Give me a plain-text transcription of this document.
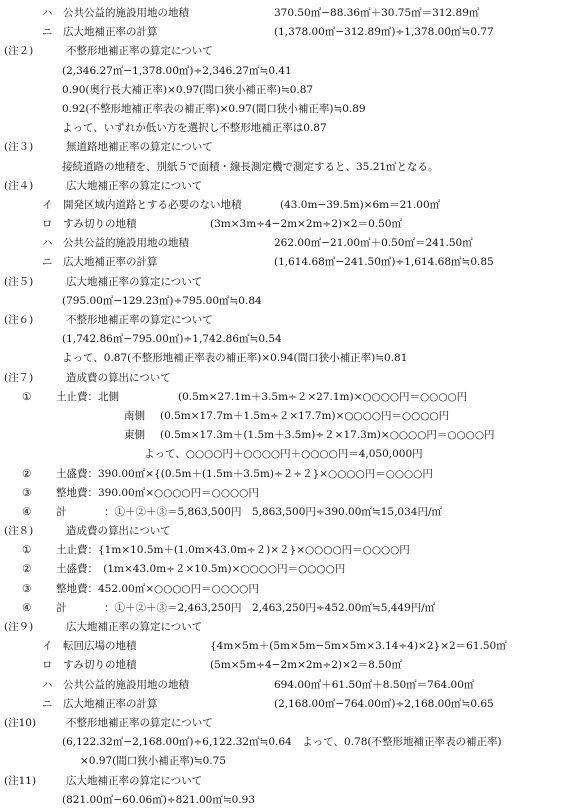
ハ　公共公益的施設用地の地積	370.50㎡−88.36㎡＋30.75㎡＝312.89㎡
ニ　広大地補正率の計算	(1,378.00㎡−312.89㎡)÷1,378.00㎡≒0.77
(注２)	不整形地補正率の算定について
(2,346.27㎡−1,378.00㎡)÷2,346.27㎡≒0.41
0.90(奥行長大補正率)×0.97(間口狭小補正率)≒0.87
0.92(不整形地補正率表の補正率)×0.97(間口狭小補正率)≒0.89
よって、いずれか低い方を選択し不整形地補正率は0.87
(注３)	無道路地補正率の算定について
接続道路の地積を、別紙５で面積・線長測定機で測定すると、35.21㎡となる。
(注４)	広大地補正率の算定について
イ　開発区域内道路とする必要のない地積	(43.0m−39.5m)×6m＝21.00㎡
ロ　すみ切りの地積	(3m×3m÷4−2m×2m÷2)×2＝0.50㎡
ハ　公共公益的施設用地の地積	262.00㎡−21.00㎡＋0.50㎡＝241.50㎡
ニ　広大地補正率の計算	(1,614.68㎡−241.50㎡)÷1,614.68㎡≒0.85
(注５)	広大地補正率の算定について
(795.00㎡−129.23㎡)÷795.00㎡≒0.84
(注６)	不整形地補正率の算定について
(1,742.86㎡−795.00㎡)÷1,742.86㎡≒0.54
よって、0.87(不整形地補正率表の補正率)×0.94(間口狭小補正率)≒0.81
(注７)	造成費の算出について
① 土止費：北側	(0.5m×27.1m＋3.5m÷２×27.1m)×○○○○円＝○○○○円
南側 (0.5m×17.7m＋1.5m÷２×17.7m)×○○○○円＝○○○○円
東側 (0.5m×17.3m＋(1.5m＋3.5m)÷２×17.3m)×○○○○円＝○○○○円
よって、○○○○円＋○○○○円＋○○○○円＝4,050,000円
② 土盛費：390.00㎡×{(0.5m＋(1.5m＋3.5m)÷２÷２}×○○○○円＝○○○○円
③ 整地費：390.00㎡×○○○○円＝○○○○円
④ 計	：①＋②＋③＝5,863,500円　5,863,500円÷390.00㎡≒15,034円/㎡
(注８)	造成費の算出について
① 土止費：{1m×10.5m＋(1.0m×43.0m÷２)×２}×○○○○円＝○○○○円
② 土盛費：　(1m×43.0m÷２×10.5m)×○○○○円＝○○○○円
③ 整地費：452.00㎡×○○○○円＝○○○○円
④ 計	：①＋②＋③＝2,463,250円　2,463,250円÷452.00㎡≒5,449円/㎡
(注９)	広大地補正率の算定について
イ　転回広場の地積	{4m×5m＋(5m×5m−5m×5m×3.14÷4)×2}×2＝61.50㎡
ロ　すみ切りの地積	(5m×5m÷4−2m×2m÷2)×2＝8.50㎡
ハ　公共公益的施設用地の地積	694.00㎡＋61.50㎡＋8.50㎡＝764.00㎡
ニ　広大地補正率の計算	(2,168.00㎡−764.00㎡)÷2,168.00㎡≒0.65
(注10)	不整形地補正率の算定について
(6,122.32㎡−2,168.00㎡)÷6,122.32㎡≒0.64　よって、0.78(不整形地補正率表の補正率)
×0.97(間口狭小補正率)≒0.75
(注11)	広大地補正率の算定について
(821.00㎡−60.06㎡)÷821.00㎡≒0.93
